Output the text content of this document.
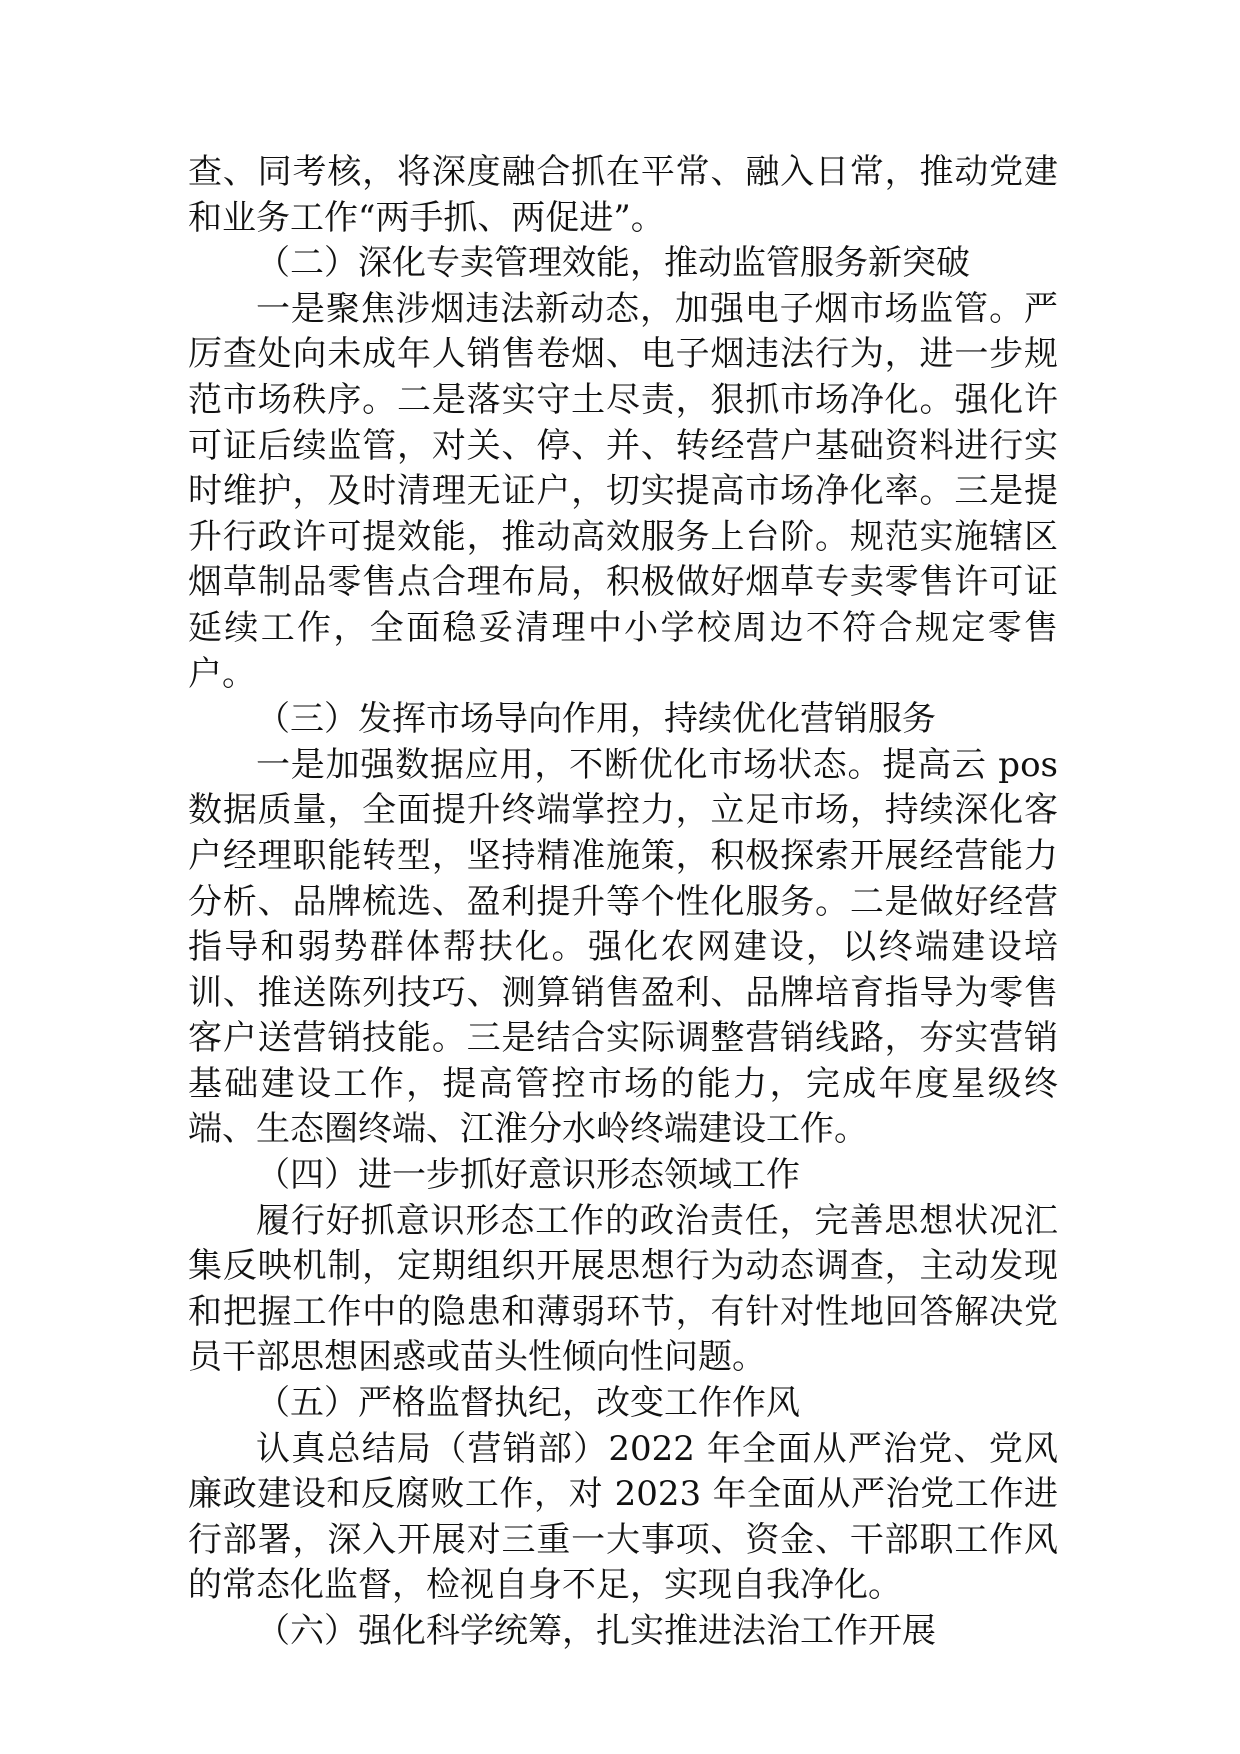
查、同考核，将深度融合抓在平常、融入日常，推动党建和业务工作“两手抓、两促进”。

（二）深化专卖管理效能，推动监管服务新突破

一是聚焦涉烟违法新动态，加强电子烟市场监管。严厉查处向未成年人销售卷烟、电子烟违法行为，进一步规范市场秩序。二是落实守土尽责，狠抓市场净化。强化许可证后续监管，对关、停、并、转经营户基础资料进行实时维护，及时清理无证户，切实提高市场净化率。三是提升行政许可提效能，推动高效服务上台阶。规范实施辖区烟草制品零售点合理布局，积极做好烟草专卖零售许可证延续工作，全面稳妥清理中小学校周边不符合规定零售户。

（三）发挥市场导向作用，持续优化营销服务

一是加强数据应用，不断优化市场状态。提高云 pos 数据质量，全面提升终端掌控力，立足市场，持续深化客户经理职能转型，坚持精准施策，积极探索开展经营能力分析、品牌梳选、盈利提升等个性化服务。二是做好经营指导和弱势群体帮扶化。强化农网建设，以终端建设培训、推送陈列技巧、测算销售盈利、品牌培育指导为零售客户送营销技能。三是结合实际调整营销线路，夯实营销基础建设工作，提高管控市场的能力，完成年度星级终端、生态圈终端、江淮分水岭终端建设工作。

（四）进一步抓好意识形态领域工作

履行好抓意识形态工作的政治责任，完善思想状况汇集反映机制，定期组织开展思想行为动态调查，主动发现和把握工作中的隐患和薄弱环节，有针对性地回答解决党员干部思想困惑或苗头性倾向性问题。

（五）严格监督执纪，改变工作作风

认真总结局（营销部）2022 年全面从严治党、党风廉政建设和反腐败工作，对 2023 年全面从严治党工作进行部署，深入开展对三重一大事项、资金、干部职工作风的常态化监督，检视自身不足，实现自我净化。

（六）强化科学统筹，扎实推进法治工作开展
